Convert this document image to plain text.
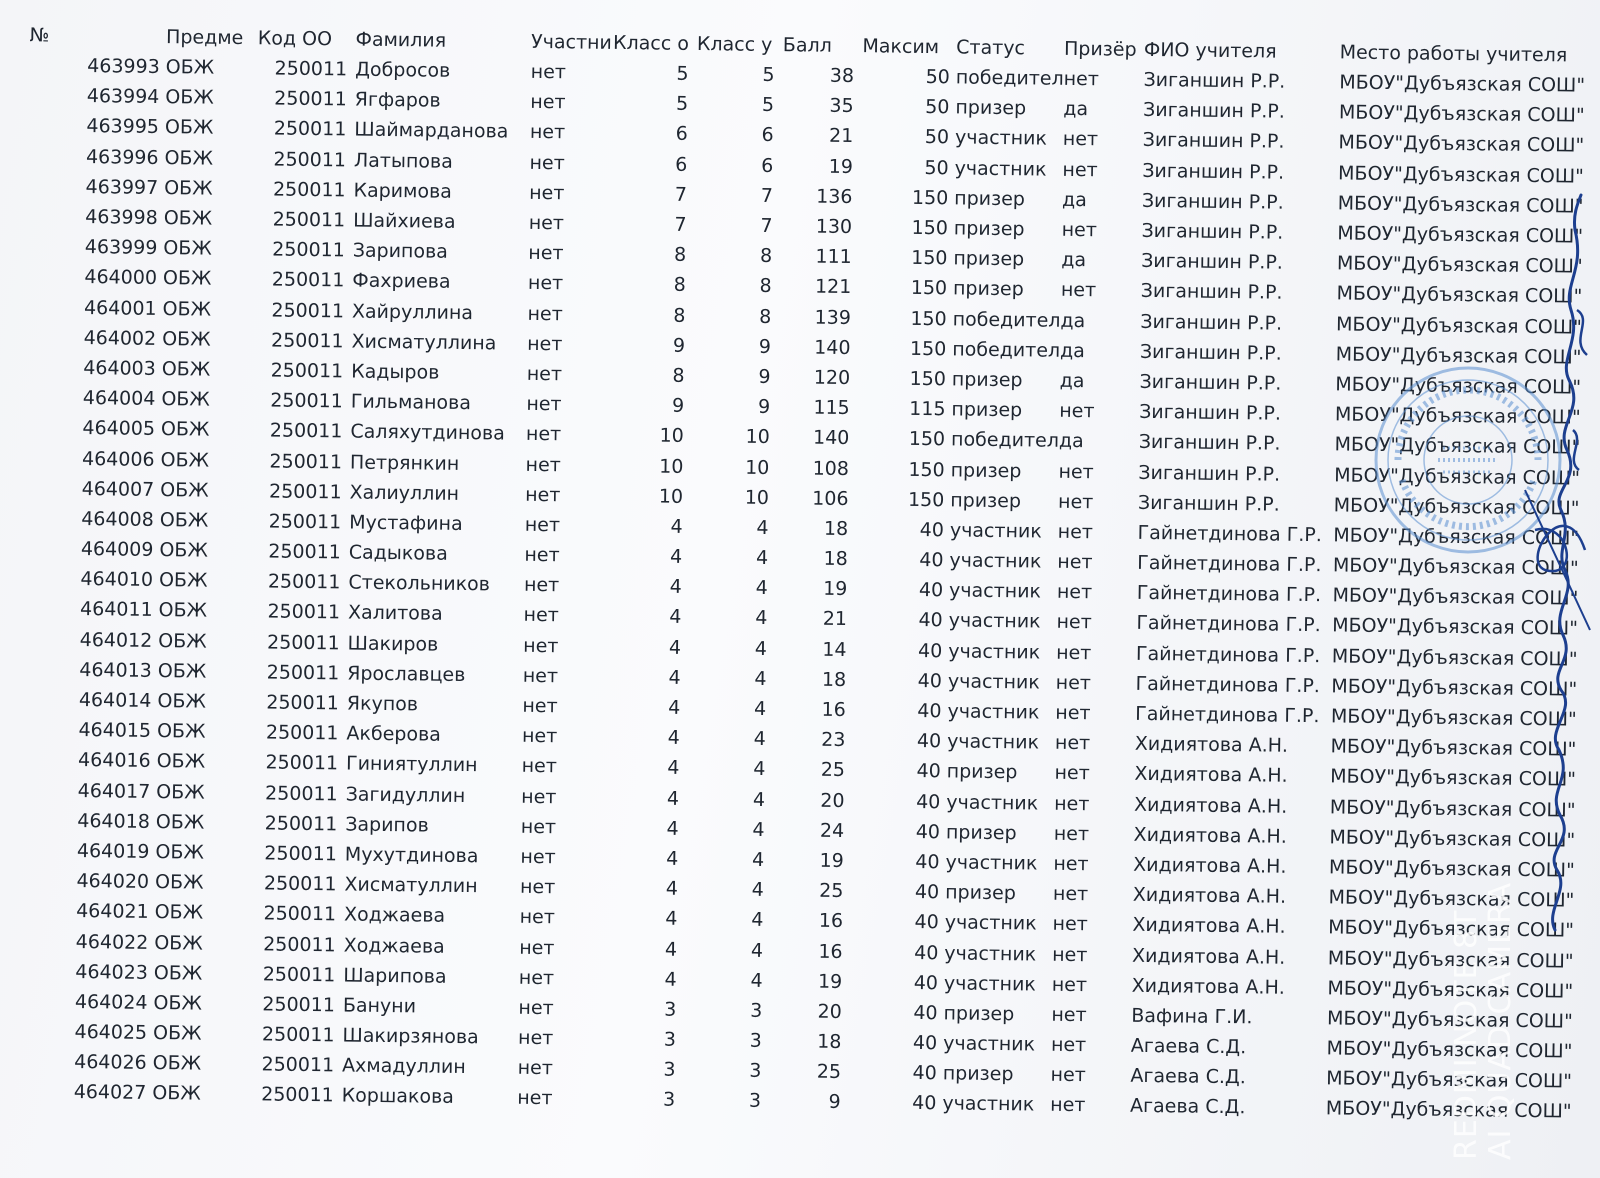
№	Предме	Код ОО	Фамилия	Участни	Класс о	Класс у	Балл	Максим	Статус	Призёр	ФИО учителя	Место работы учителя
463993	ОБЖ	250011	Добросов	нет	5	5	38	50	победител	нет	Зиганшин Р.Р.	МБОУ"Дубъязская СОШ"
463994	ОБЖ	250011	Ягфаров	нет	5	5	35	50	призер	да	Зиганшин Р.Р.	МБОУ"Дубъязская СОШ"
463995	ОБЖ	250011	Шаймарданова	нет	6	6	21	50	участник	нет	Зиганшин Р.Р.	МБОУ"Дубъязская СОШ"
463996	ОБЖ	250011	Латыпова	нет	6	6	19	50	участник	нет	Зиганшин Р.Р.	МБОУ"Дубъязская СОШ"
463997	ОБЖ	250011	Каримова	нет	7	7	136	150	призер	да	Зиганшин Р.Р.	МБОУ"Дубъязская СОШ"
463998	ОБЖ	250011	Шайхиева	нет	7	7	130	150	призер	нет	Зиганшин Р.Р.	МБОУ"Дубъязская СОШ"
463999	ОБЖ	250011	Зарипова	нет	8	8	111	150	призер	да	Зиганшин Р.Р.	МБОУ"Дубъязская СОШ"
464000	ОБЖ	250011	Фахриева	нет	8	8	121	150	призер	нет	Зиганшин Р.Р.	МБОУ"Дубъязская СОШ"
464001	ОБЖ	250011	Хайруллина	нет	8	8	139	150	победител	да	Зиганшин Р.Р.	МБОУ"Дубъязская СОШ"
464002	ОБЖ	250011	Хисматуллина	нет	9	9	140	150	победител	да	Зиганшин Р.Р.	МБОУ"Дубъязская СОШ"
464003	ОБЖ	250011	Кадыров	нет	8	9	120	150	призер	да	Зиганшин Р.Р.	МБОУ"Дубъязская СОШ"
464004	ОБЖ	250011	Гильманова	нет	9	9	115	115	призер	нет	Зиганшин Р.Р.	МБОУ"Дубъязская СОШ"
464005	ОБЖ	250011	Саляхутдинова	нет	10	10	140	150	победител	да	Зиганшин Р.Р.	МБОУ"Дубъязская СОШ"
464006	ОБЖ	250011	Петрянкин	нет	10	10	108	150	призер	нет	Зиганшин Р.Р.	МБОУ"Дубъязская СОШ"
464007	ОБЖ	250011	Халиуллин	нет	10	10	106	150	призер	нет	Зиганшин Р.Р.	МБОУ"Дубъязская СОШ"
464008	ОБЖ	250011	Мустафина	нет	4	4	18	40	участник	нет	Гайнетдинова Г.Р.	МБОУ"Дубъязская СОШ"
464009	ОБЖ	250011	Садыкова	нет	4	4	18	40	участник	нет	Гайнетдинова Г.Р.	МБОУ"Дубъязская СОШ"
464010	ОБЖ	250011	Стекольников	нет	4	4	19	40	участник	нет	Гайнетдинова Г.Р.	МБОУ"Дубъязская СОШ"
464011	ОБЖ	250011	Халитова	нет	4	4	21	40	участник	нет	Гайнетдинова Г.Р.	МБОУ"Дубъязская СОШ"
464012	ОБЖ	250011	Шакиров	нет	4	4	14	40	участник	нет	Гайнетдинова Г.Р.	МБОУ"Дубъязская СОШ"
464013	ОБЖ	250011	Ярославцев	нет	4	4	18	40	участник	нет	Гайнетдинова Г.Р.	МБОУ"Дубъязская СОШ"
464014	ОБЖ	250011	Якупов	нет	4	4	16	40	участник	нет	Гайнетдинова Г.Р.	МБОУ"Дубъязская СОШ"
464015	ОБЖ	250011	Акберова	нет	4	4	23	40	участник	нет	Хидиятова А.Н.	МБОУ"Дубъязская СОШ"
464016	ОБЖ	250011	Гиниятуллин	нет	4	4	25	40	призер	нет	Хидиятова А.Н.	МБОУ"Дубъязская СОШ"
464017	ОБЖ	250011	Загидуллин	нет	4	4	20	40	участник	нет	Хидиятова А.Н.	МБОУ"Дубъязская СОШ"
464018	ОБЖ	250011	Зарипов	нет	4	4	24	40	призер	нет	Хидиятова А.Н.	МБОУ"Дубъязская СОШ"
464019	ОБЖ	250011	Мухутдинова	нет	4	4	19	40	участник	нет	Хидиятова А.Н.	МБОУ"Дубъязская СОШ"
464020	ОБЖ	250011	Хисматуллин	нет	4	4	25	40	призер	нет	Хидиятова А.Н.	МБОУ"Дубъязская СОШ"
464021	ОБЖ	250011	Ходжаева	нет	4	4	16	40	участник	нет	Хидиятова А.Н.	МБОУ"Дубъязская СОШ"
464022	ОБЖ	250011	Ходжаева	нет	4	4	16	40	участник	нет	Хидиятова А.Н.	МБОУ"Дубъязская СОШ"
464023	ОБЖ	250011	Шарипова	нет	4	4	19	40	участник	нет	Хидиятова А.Н.	МБОУ"Дубъязская СОШ"
464024	ОБЖ	250011	Бануни	нет	3	3	20	40	призер	нет	Вафина Г.И.	МБОУ"Дубъязская СОШ"
464025	ОБЖ	250011	Шакирзянова	нет	3	3	18	40	участник	нет	Агаева С.Д.	МБОУ"Дубъязская СОШ"
464026	ОБЖ	250011	Ахмадуллин	нет	3	3	25	40	призер	нет	Агаева С.Д.	МБОУ"Дубъязская СОШ"
464027	ОБЖ	250011	Коршакова	нет	3	3	9	40	участник	нет	Агаева С.Д.	МБОУ"Дубъязская СОШ"
REDMI NOTE 8T AI QUAD CAMERA
